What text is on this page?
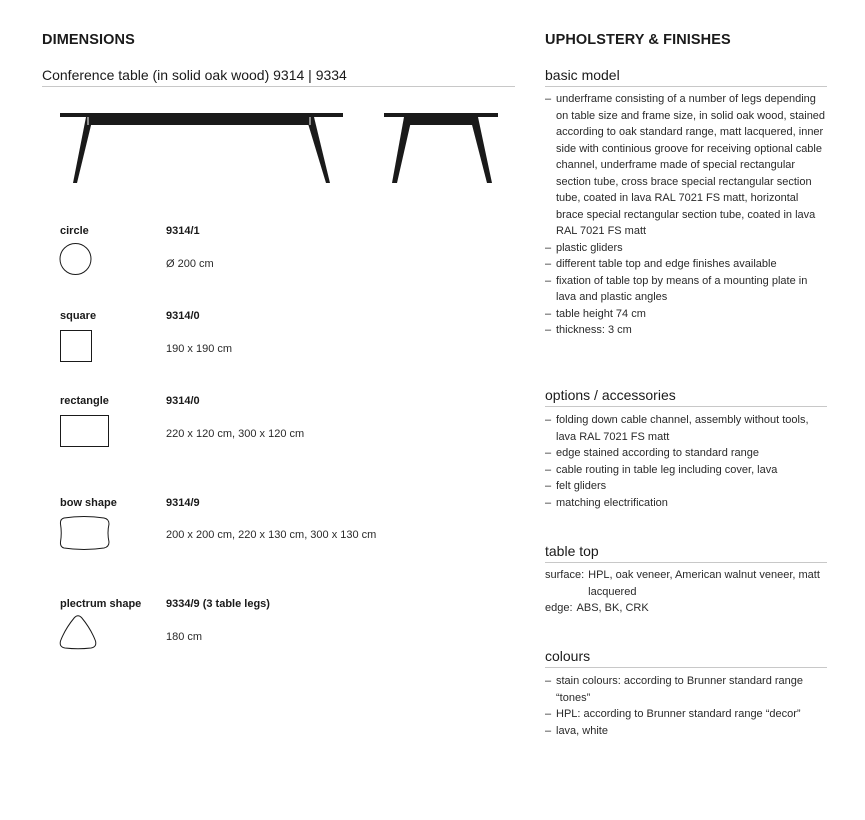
DIMENSIONS
Conference table (in solid oak wood) 9314 | 9334
circle	9314/1
Ø 200 cm
square	9314/0
190 x 190 cm
rectangle	9314/0
220 x 120 cm, 300 x 120 cm
bow shape	9314/9
200 x 200 cm, 220 x 130 cm, 300 x 130 cm
plectrum shape 9334/9 (3 table legs)
180 cm
UPHOLSTERY & FINISHES
basic model
– underframe consisting of a number of legs depending on table size and frame size, in solid oak wood, stained according to oak standard range, matt lacquered, inner side with continious groove for receiving optional cable channel, underframe made of special rectangular section tube, cross brace special rectangular section tube, coated in lava RAL 7021 FS matt, horizontal brace special rectangular section tube, coated in lava RAL 7021 FS matt
– plastic gliders
– different table top and edge finishes available
– fixation of table top by means of a mounting plate in lava and plastic angles
– table height 74 cm
– thickness: 3 cm
options / accessories
– folding down cable channel, assembly without tools, lava RAL 7021 FS matt
– edge stained according to standard range
– cable routing in table leg including cover, lava
– felt gliders
– matching electrification
table top
surface: HPL, oak veneer, American walnut veneer, matt lacquered
edge: ABS, BK, CRK
colours
– stain colours: according to Brunner standard range “tones”
– HPL: according to Brunner standard range “decor”
– lava, white
